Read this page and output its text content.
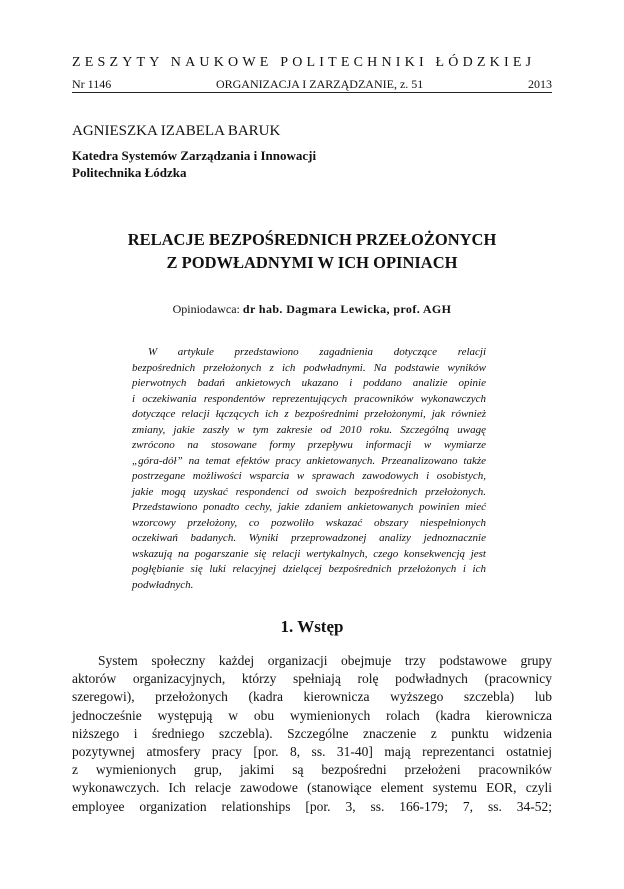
ZESZYTY NAUKOWE POLITECHNIKI ŁÓDZKIEJ
Nr 1146	ORGANIZACJA I ZARZĄDZANIE, z. 51	2013
AGNIESZKA IZABELA BARUK
Katedra Systemów Zarządzania i Innowacji
Politechnika Łódzka
RELACJE BEZPOŚREDNICH PRZEŁOŻONYCH
Z PODWŁADNYMI W ICH OPINIACH
Opiniodawca: dr hab. Dagmara Lewicka, prof. AGH
W artykule przedstawiono zagadnienia dotyczące relacji
bezpośrednich przełożonych z ich podwładnymi. Na podstawie wyników
pierwotnych badań ankietowych ukazano i poddano analizie opinie
i oczekiwania respondentów reprezentujących pracowników wykonawczych
dotyczące relacji łączących ich z bezpośrednimi przełożonymi, jak również
zmiany, jakie zaszły w tym zakresie od 2010 roku. Szczególną uwagę
zwrócono na stosowane formy przepływu informacji w wymiarze
„góra-dół” na temat efektów pracy ankietowanych. Przeanalizowano także
postrzegane możliwości wsparcia w sprawach zawodowych i osobistych,
jakie mogą uzyskać respondenci od swoich bezpośrednich przełożonych.
Przedstawiono ponadto cechy, jakie zdaniem ankietowanych powinien mieć
wzorcowy przełożony, co pozwoliło wskazać obszary niespełnionych
oczekiwań badanych. Wyniki przeprowadzonej analizy jednoznacznie
wskazują na pogarszanie się relacji wertykalnych, czego konsekwencją jest
pogłębianie się luki relacyjnej dzielącej bezpośrednich przełożonych i ich
podwładnych.
1. Wstęp
System społeczny każdej organizacji obejmuje trzy podstawowe grupy
aktorów organizacyjnych, którzy spełniają rolę podwładnych (pracownicy
szeregowi), przełożonych (kadra kierownicza wyższego szczebla) lub
jednocześnie występują w obu wymienionych rolach (kadra kierownicza
niższego i średniego szczebla). Szczególne znaczenie z punktu widzenia
pozytywnej atmosfery pracy [por. 8, ss. 31-40] mają reprezentanci ostatniej
z wymienionych grup, jakimi są bezpośredni przełożeni pracowników
wykonawczych. Ich relacje zawodowe (stanowiące element systemu EOR, czyli
employee organization relationships [por. 3, ss. 166-179; 7, ss. 34-52;
